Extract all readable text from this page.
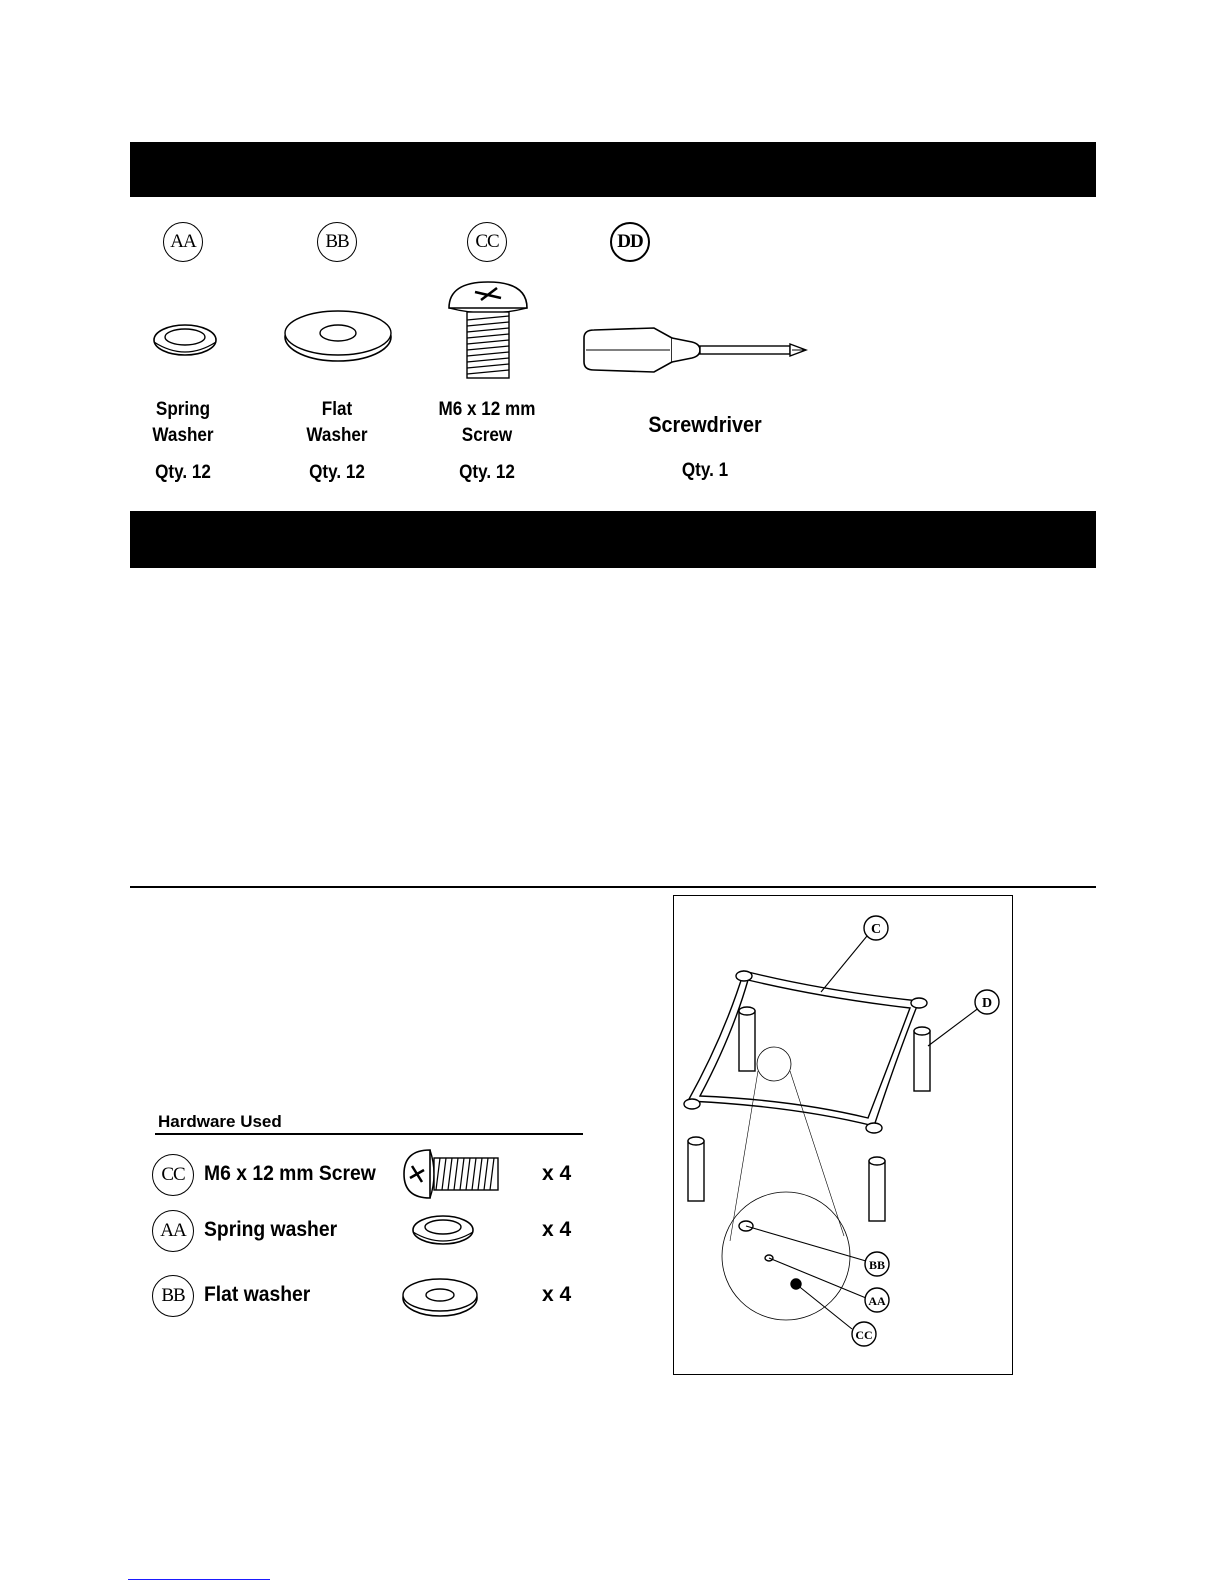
AA
Spring
Washer
Qty. 12
BB
Flat
Washer
Qty. 12
CC
M6 x 12 mm
Screw
Qty. 12
DD
Screwdriver
Qty. 1
Hardware Used
CC M6 x 12 mm Screw	x 4
AA Spring washer	x 4
BB Flat washer	x 4
C
D
BB
AA
CC
